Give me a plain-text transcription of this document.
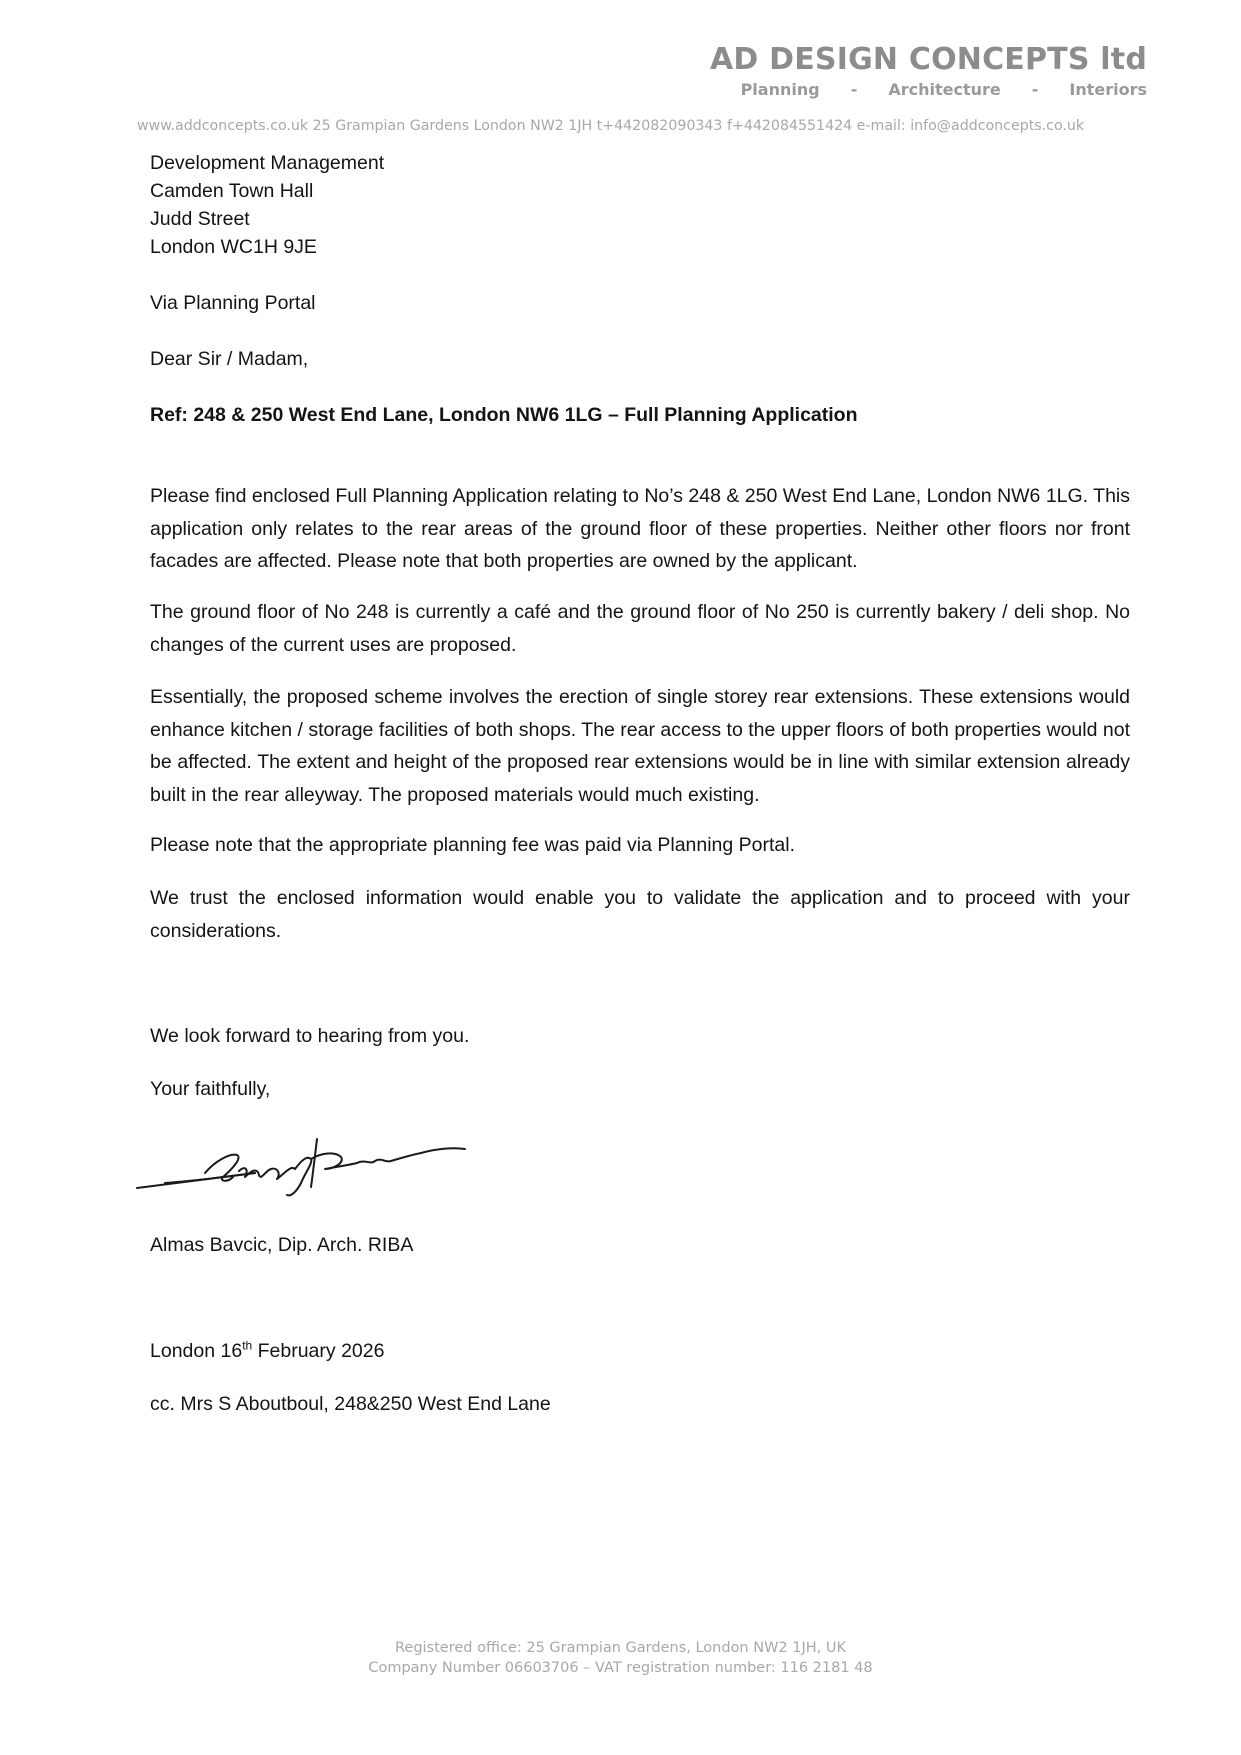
AD DESIGN CONCEPTS ltd
Planning - Architecture - Interiors
www.addconcepts.co.uk 25 Grampian Gardens London NW2 1JH t+442082090343 f+442084551424 e-mail: info@addconcepts.co.uk
Development Management
Camden Town Hall
Judd Street
London WC1H 9JE
Via Planning Portal
Dear Sir / Madam,
Ref: 248 & 250 West End Lane, London NW6 1LG – Full Planning Application
Please find enclosed Full Planning Application relating to No’s 248 & 250 West End Lane, London NW6 1LG. This application only relates to the rear areas of the ground floor of these properties. Neither other floors nor front facades are affected. Please note that both properties are owned by the applicant.
The ground floor of No 248 is currently a café and the ground floor of No 250 is currently bakery / deli shop. No changes of the current uses are proposed.
Essentially, the proposed scheme involves the erection of single storey rear extensions. These extensions would enhance kitchen / storage facilities of both shops. The rear access to the upper floors of both properties would not be affected. The extent and height of the proposed rear extensions would be in line with similar extension already built in the rear alleyway. The proposed materials would much existing.
Please note that the appropriate planning fee was paid via Planning Portal.
We trust the enclosed information would enable you to validate the application and to proceed with your considerations.
We look forward to hearing from you.
Your faithfully,
Almas Bavcic, Dip. Arch. RIBA
London 16th February 2026
cc. Mrs S Aboutboul, 248&250 West End Lane
Registered office: 25 Grampian Gardens, London NW2 1JH, UK
Company Number 06603706 – VAT registration number: 116 2181 48
